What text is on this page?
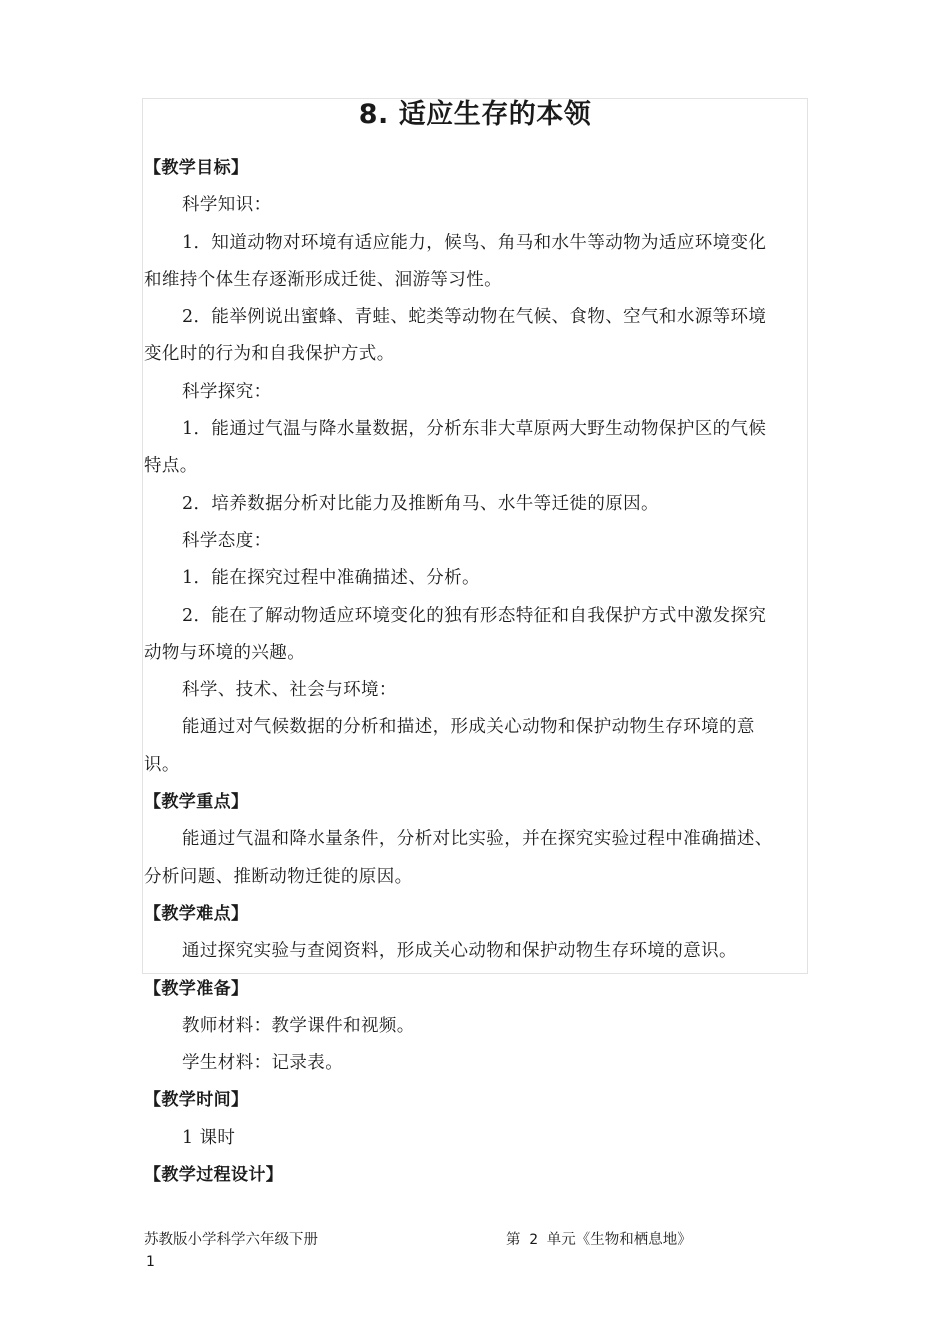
8. 适应生存的本领
【教学目标】
科学知识：
1．知道动物对环境有适应能力，候鸟、角马和水牛等动物为适应环境变化
和维持个体生存逐渐形成迁徙、洄游等习性。
2．能举例说出蜜蜂、青蛙、蛇类等动物在气候、食物、空气和水源等环境
变化时的行为和自我保护方式。
科学探究：
1．能通过气温与降水量数据，分析东非大草原两大野生动物保护区的气候
特点。
2．培养数据分析对比能力及推断角马、水牛等迁徙的原因。
科学态度：
1．能在探究过程中准确描述、分析。
2．能在了解动物适应环境变化的独有形态特征和自我保护方式中激发探究
动物与环境的兴趣。
科学、技术、社会与环境：
能通过对气候数据的分析和描述，形成关心动物和保护动物生存环境的意
识。
【教学重点】
能通过气温和降水量条件，分析对比实验，并在探究实验过程中准确描述、
分析问题、推断动物迁徙的原因。
【教学难点】
通过探究实验与查阅资料，形成关心动物和保护动物生存环境的意识。
【教学准备】
教师材料：教学课件和视频。
学生材料：记录表。
【教学时间】
1 课时
【教学过程设计】
苏教版小学科学六年级下册	第 2 单元《生物和栖息地》
1
